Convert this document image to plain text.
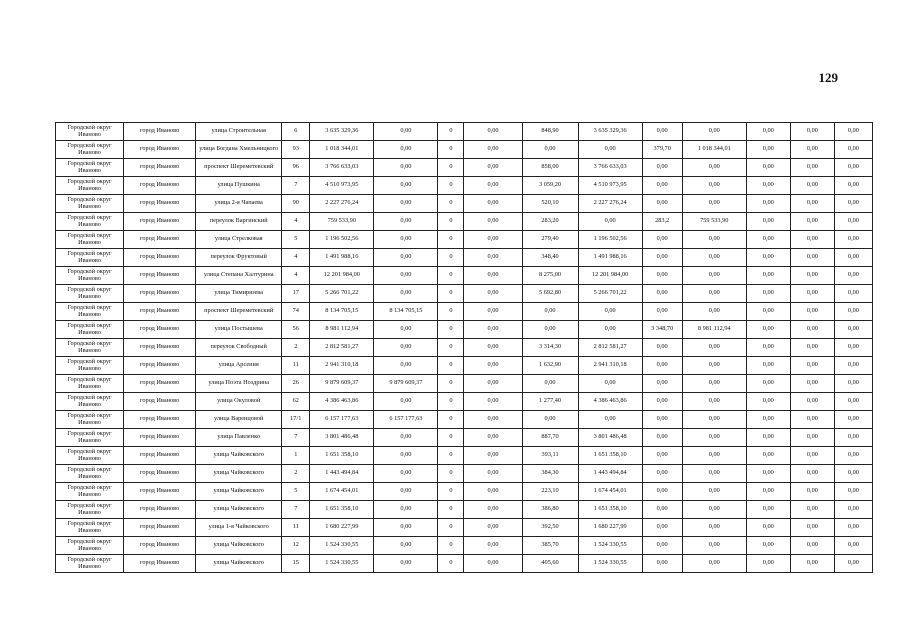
129
Городской округ Иваново	город Иваново	улица Строительная	6	3 635 329,36	0,00	0	0,00	848,90	3 635 329,36	0,00	0,00	0,00	0,00	0,00
Городской округ Иваново	город Иваново	улица Богдана Хмельницкого	93	1 018 344,01	0,00	0	0,00	0,00	0,00	379,70	1 018 344,01	0,00	0,00	0,00
Городской округ Иваново	город Иваново	проспект Шереметевский	96	3 766 633,03	0,00	0	0,00	858,00	3 766 633,03	0,00	0,00	0,00	0,00	0,00
Городской округ Иваново	город Иваново	улица Пушкина	7	4 510 973,95	0,00	0	0,00	3 059,20	4 510 973,95	0,00	0,00	0,00	0,00	0,00
Городской округ Иваново	город Иваново	улица 2-я Чапаева	90	2 227 276,24	0,00	0	0,00	520,10	2 227 276,24	0,00	0,00	0,00	0,00	0,00
Городской округ Иваново	город Иваново	переулок Варгинский	4	759 533,90	0,00	0	0,00	283,20	0,00	283,2	759 533,90	0,00	0,00	0,00
Городской округ Иваново	город Иваново	улица Стрелковая	5	1 196 502,56	0,00	0	0,00	279,40	1 196 502,56	0,00	0,00	0,00	0,00	0,00
Городской округ Иваново	город Иваново	переулок Фруктовый	4	1 491 988,16	0,00	0	0,00	348,40	1 491 988,16	0,00	0,00	0,00	0,00	0,00
Городской округ Иваново	город Иваново	улица Степана Халтурина	4	12 201 984,00	0,00	0	0,00	8 275,00	12 201 984,00	0,00	0,00	0,00	0,00	0,00
Городской округ Иваново	город Иваново	улица Тимирязева	17	5 266 701,22	0,00	0	0,00	5 692,80	5 266 701,22	0,00	0,00	0,00	0,00	0,00
Городской округ Иваново	город Иваново	проспект Шереметевский	74	8 134 705,15	8 134 705,15	0	0,00	0,00	0,00	0,00	0,00	0,00	0,00	0,00
Городской округ Иваново	город Иваново	улица Постышева	56	8 981 112,94	0,00	0	0,00	0,00	0,00	3 348,70	8 981 112,94	0,00	0,00	0,00
Городской округ Иваново	город Иваново	переулок Свободный	2	2 812 581,27	0,00	0	0,00	3 314,30	2 812 581,27	0,00	0,00	0,00	0,00	0,00
Городской округ Иваново	город Иваново	улица Арсения	11	2 941 310,18	0,00	0	0,00	1 632,90	2 941 310,18	0,00	0,00	0,00	0,00	0,00
Городской округ Иваново	город Иваново	улица Поэта Ноздрина	26	9 879 609,37	9 879 609,37	0	0,00	0,00	0,00	0,00	0,00	0,00	0,00	0,00
Городской округ Иваново	город Иваново	улица Окуловой	62	4 386 463,86	0,00	0	0,00	1 277,40	4 386 463,86	0,00	0,00	0,00	0,00	0,00
Городской округ Иваново	город Иваново	улица Варенцовой	17/1	6 157 177,63	6 157 177,63	0	0,00	0,00	0,00	0,00	0,00	0,00	0,00	0,00
Городской округ Иваново	город Иваново	улица Павленко	7	3 801 486,48	0,00	0	0,00	887,70	3 801 486,48	0,00	0,00	0,00	0,00	0,00
Городской округ Иваново	город Иваново	улица Чайковского	1	1 651 358,10	0,00	0	0,00	393,11	1 651 358,10	0,00	0,00	0,00	0,00	0,00
Городской округ Иваново	город Иваново	улица Чайковского	2	1 443 494,84	0,00	0	0,00	384,30	1 443 494,84	0,00	0,00	0,00	0,00	0,00
Городской округ Иваново	город Иваново	улица Чайковского	5	1 674 454,01	0,00	0	0,00	223,10	1 674 454,01	0,00	0,00	0,00	0,00	0,00
Городской округ Иваново	город Иваново	улица Чайковского	7	1 651 358,10	0,00	0	0,00	386,80	1 651 358,10	0,00	0,00	0,00	0,00	0,00
Городской округ Иваново	город Иваново	улица 1-я Чайковского	11	1 680 227,99	0,00	0	0,00	392,50	1 680 227,99	0,00	0,00	0,00	0,00	0,00
Городской округ Иваново	город Иваново	улица Чайковского	12	1 524 330,55	0,00	0	0,00	385,70	1 524 330,55	0,00	0,00	0,00	0,00	0,00
Городской округ Иваново	город Иваново	улица Чайковского	15	1 524 330,55	0,00	0	0,00	405,60	1 524 330,55	0,00	0,00	0,00	0,00	0,00
